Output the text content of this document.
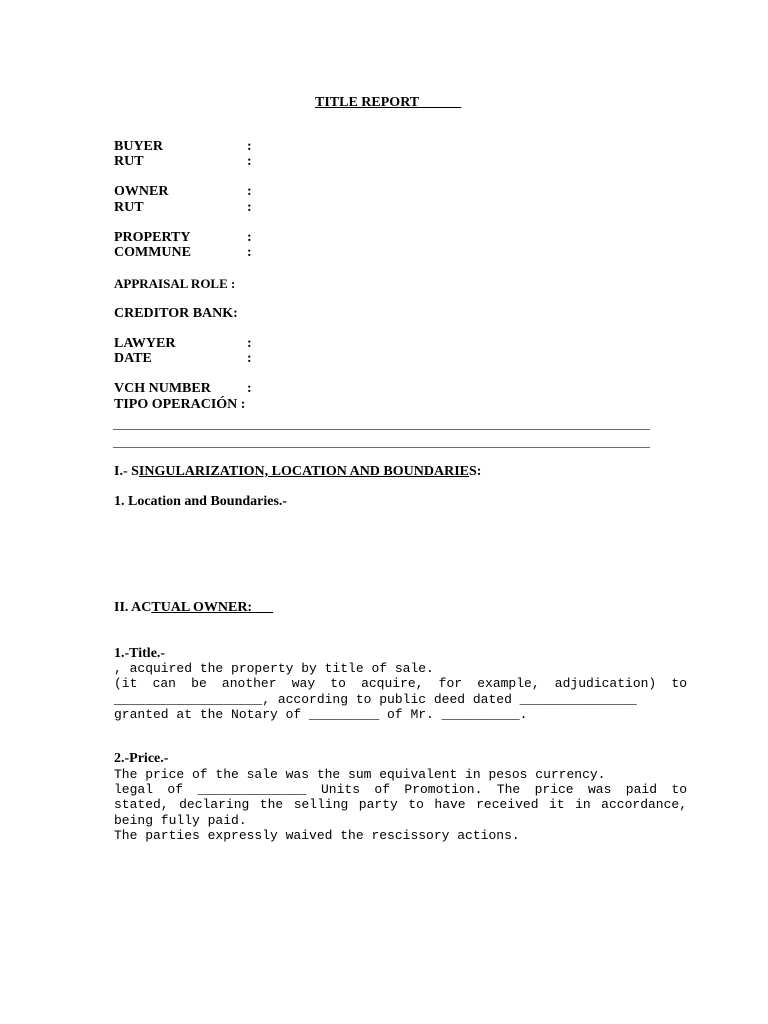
TITLE REPORT______
BUYER	:
RUT	:
OWNER	:
RUT	:
PROPERTY	:
COMMUNE	:
APPRAISAL ROLE :
CREDITOR BANK:
LAWYER	:
DATE	:
VCH NUMBER	:
TIPO OPERACIÓN :
I.- SINGULARIZATION, LOCATION AND BOUNDARIES:
1. Location and Boundaries.-
II. ACTUAL OWNER:
1.-Title.-
, acquired the property by title of sale.
(it can be another way to acquire, for example, adjudication) to
___________________, according to public deed dated _______________
granted at the Notary of _________ of Mr. __________.
2.-Price.-
The price of the sale was the sum equivalent in pesos currency.
legal of ______________ Units of Promotion. The price was paid to
stated, declaring the selling party to have received it in accordance,
being fully paid.
The parties expressly waived the rescissory actions.
